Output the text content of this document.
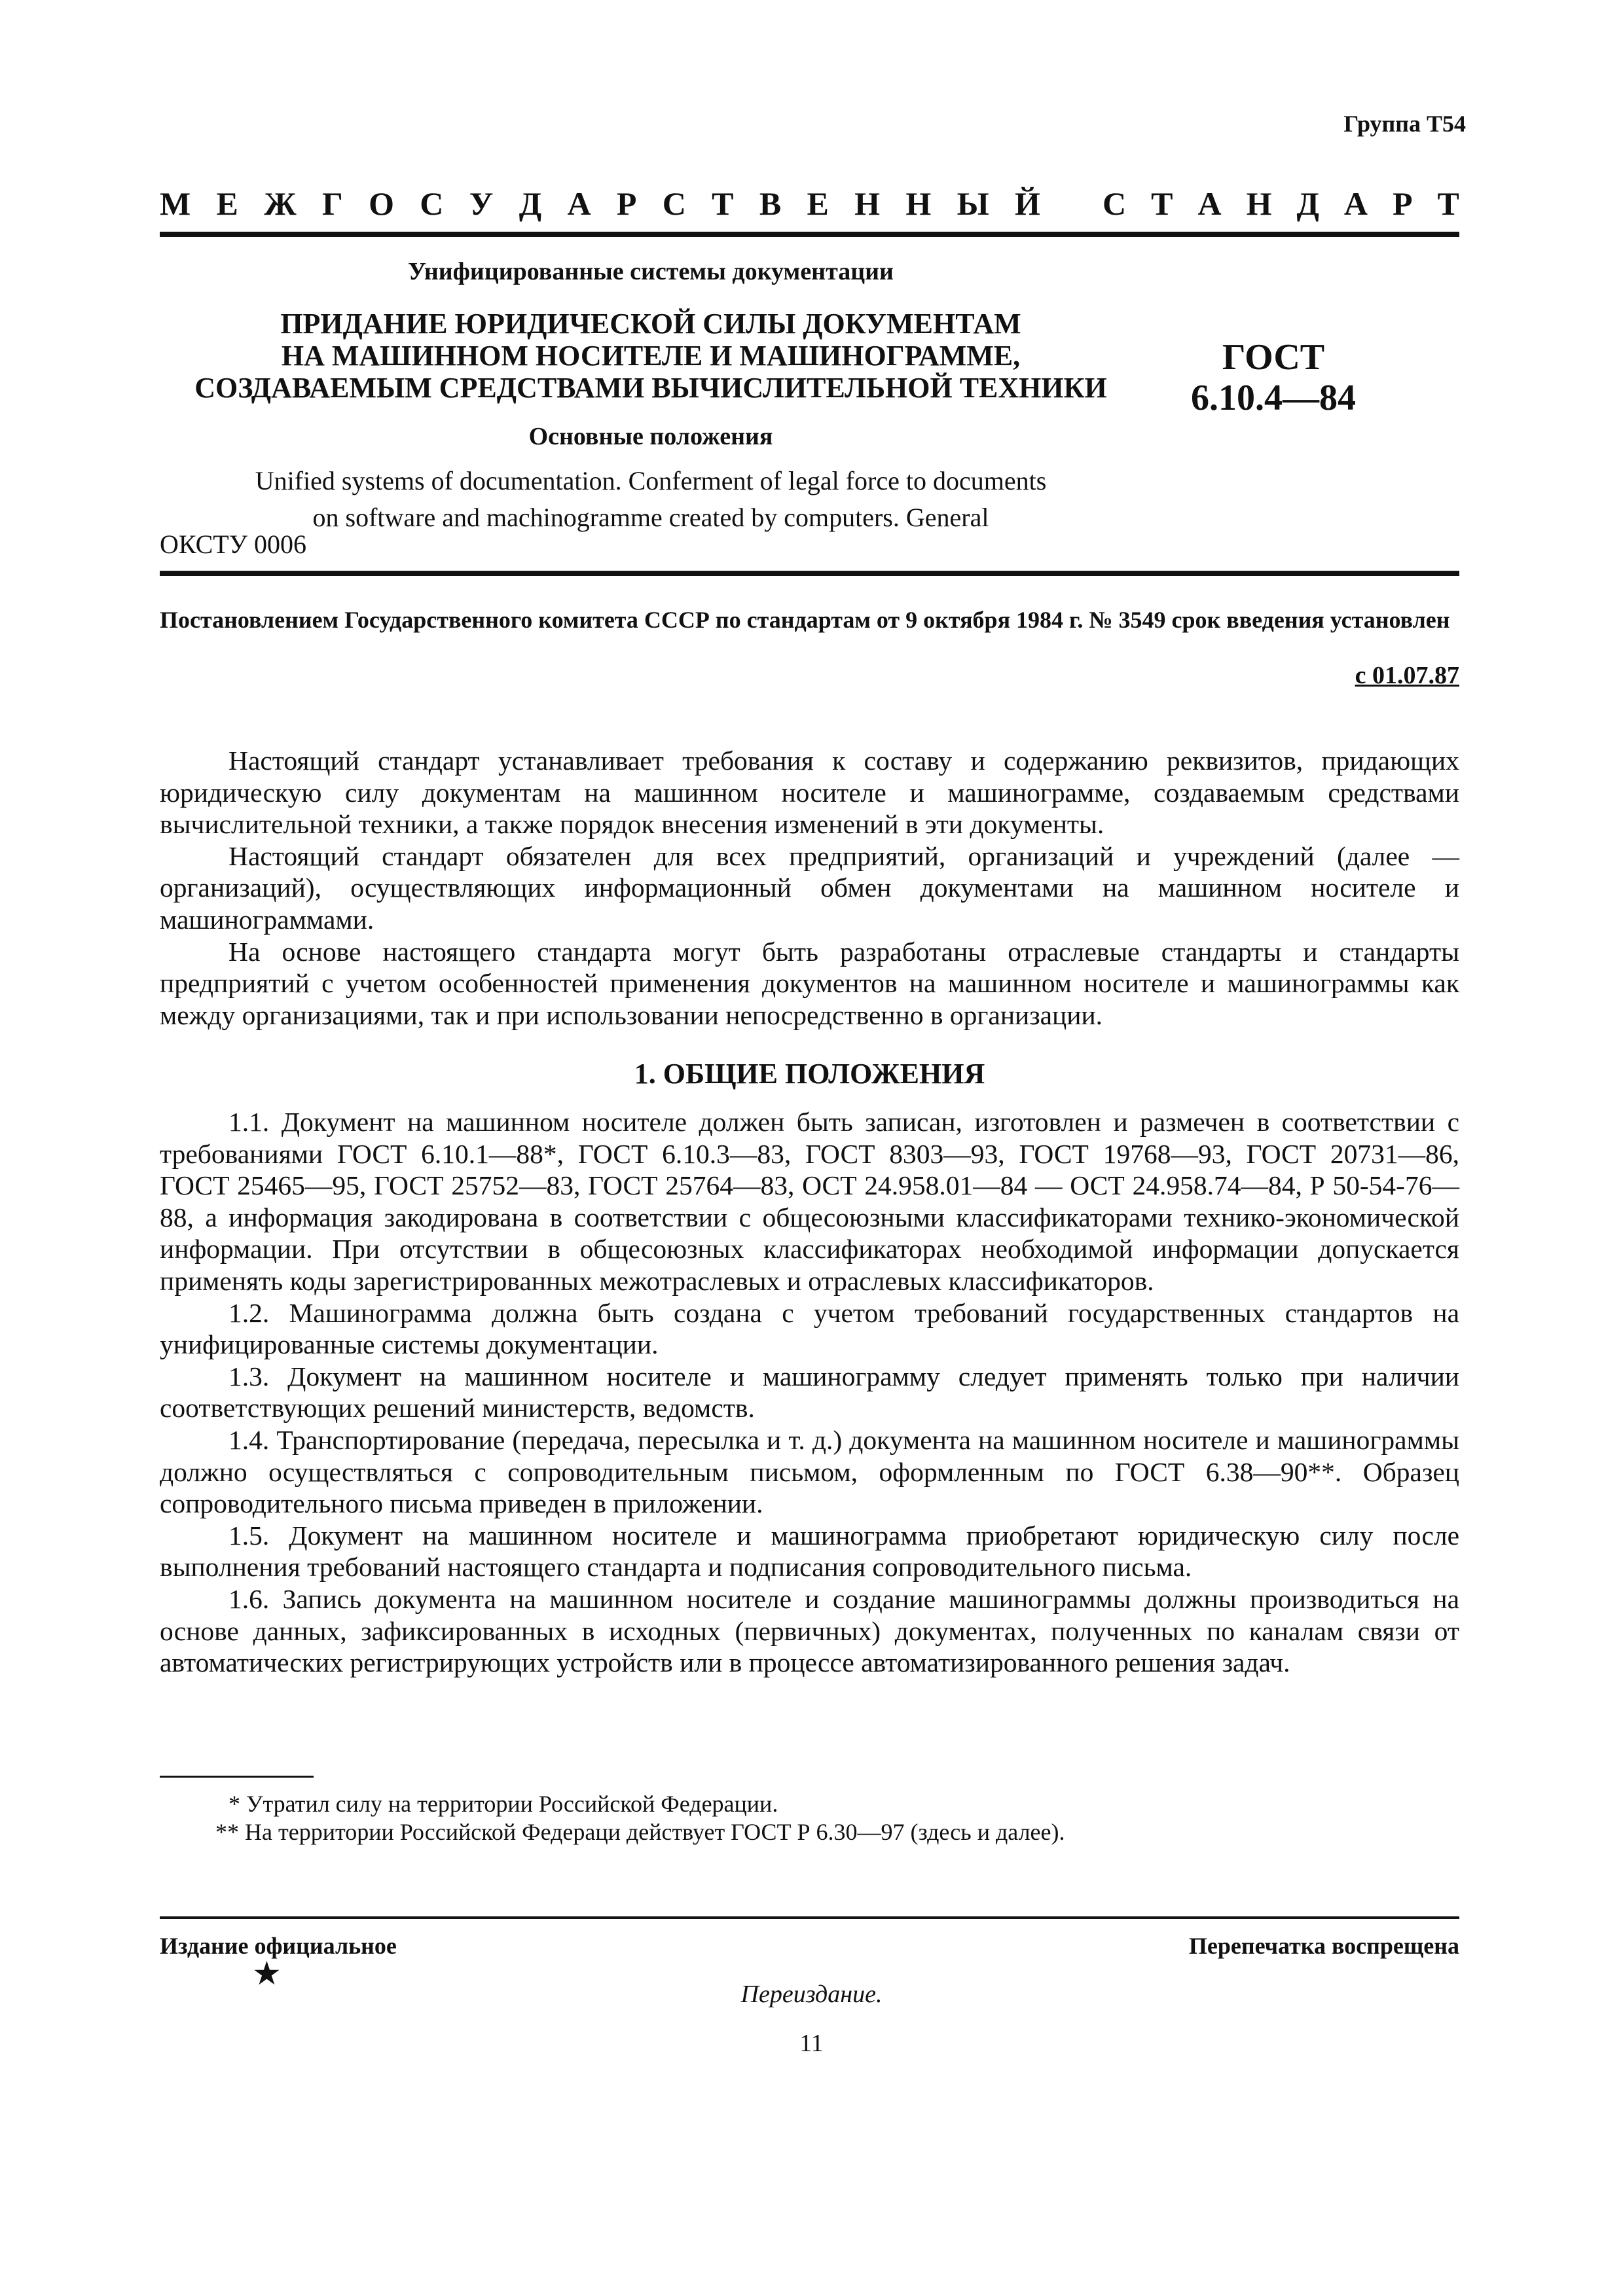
Группа Т54
М Е Ж Г О С У Д А Р С Т В Е Н Н Ы Й С Т А Н Д А Р Т
Унифицированные системы документации
ПРИДАНИЕ ЮРИДИЧЕСКОЙ СИЛЫ ДОКУМЕНТАМ
НА МАШИННОМ НОСИТЕЛЕ И МАШИНОГРАММЕ,
СОЗДАВАЕМЫМ СРЕДСТВАМИ ВЫЧИСЛИТЕЛЬНОЙ ТЕХНИКИ
ГОСТ
6.10.4—84
Основные положения
Unified systems of documentation. Conferment of legal force to documents
on software and machinogramme created by computers. General
ОКСТУ 0006
Постановлением Государственного комитета СССР по стандартам от 9 октября 1984 г. № 3549 срок введения установлен
с 01.07.87

Настоящий стандарт устанавливает требования к составу и содержанию реквизитов, придающих юридическую силу документам на машинном носителе и машинограмме, создаваемым средствами вычислительной техники, а также порядок внесения изменений в эти документы.

Настоящий стандарт обязателен для всех предприятий, организаций и учреждений (далее — организаций), осуществляющих информационный обмен документами на машинном носителе и машинограммами.

На основе настоящего стандарта могут быть разработаны отраслевые стандарты и стандарты предприятий с учетом особенностей применения документов на машинном носителе и машинограммы как между организациями, так и при использовании непосредственно в организации.

1. ОБЩИЕ ПОЛОЖЕНИЯ

1.1. Документ на машинном носителе должен быть записан, изготовлен и размечен в соответствии с требованиями ГОСТ 6.10.1—88*, ГОСТ 6.10.3—83, ГОСТ 8303—93, ГОСТ 19768—93, ГОСТ 20731—86, ГОСТ 25465—95, ГОСТ 25752—83, ГОСТ 25764—83, ОСТ 24.958.01—84 — ОСТ 24.958.74—84, Р 50-54-76—88, а информация закодирована в соответствии с общесоюзными классификаторами технико-экономической информации. При отсутствии в общесоюзных классификаторах необходимой информации допускается применять коды зарегистрированных межотраслевых и отраслевых классификаторов.

1.2. Машинограмма должна быть создана с учетом требований государственных стандартов на унифицированные системы документации.

1.3. Документ на машинном носителе и машинограмму следует применять только при наличии соответствующих решений министерств, ведомств.

1.4. Транспортирование (передача, пересылка и т. д.) документа на машинном носителе и машинограммы должно осуществляться с сопроводительным письмом, оформленным по ГОСТ 6.38—90**. Образец сопроводительного письма приведен в приложении.

1.5. Документ на машинном носителе и машинограмма приобретают юридическую силу после выполнения требований настоящего стандарта и подписания сопроводительного письма.

1.6. Запись документа на машинном носителе и создание машинограммы должны производиться на основе данных, зафиксированных в исходных (первичных) документах, полученных по каналам связи от автоматических регистрирующих устройств или в процессе автоматизированного решения задач.

* Утратил силу на территории Российской Федерации.

** На территории Российской Федераци действует ГОСТ Р 6.30—97 (здесь и далее).

Издание официальное	Перепечатка воспрещена
★
Переиздание.
11
